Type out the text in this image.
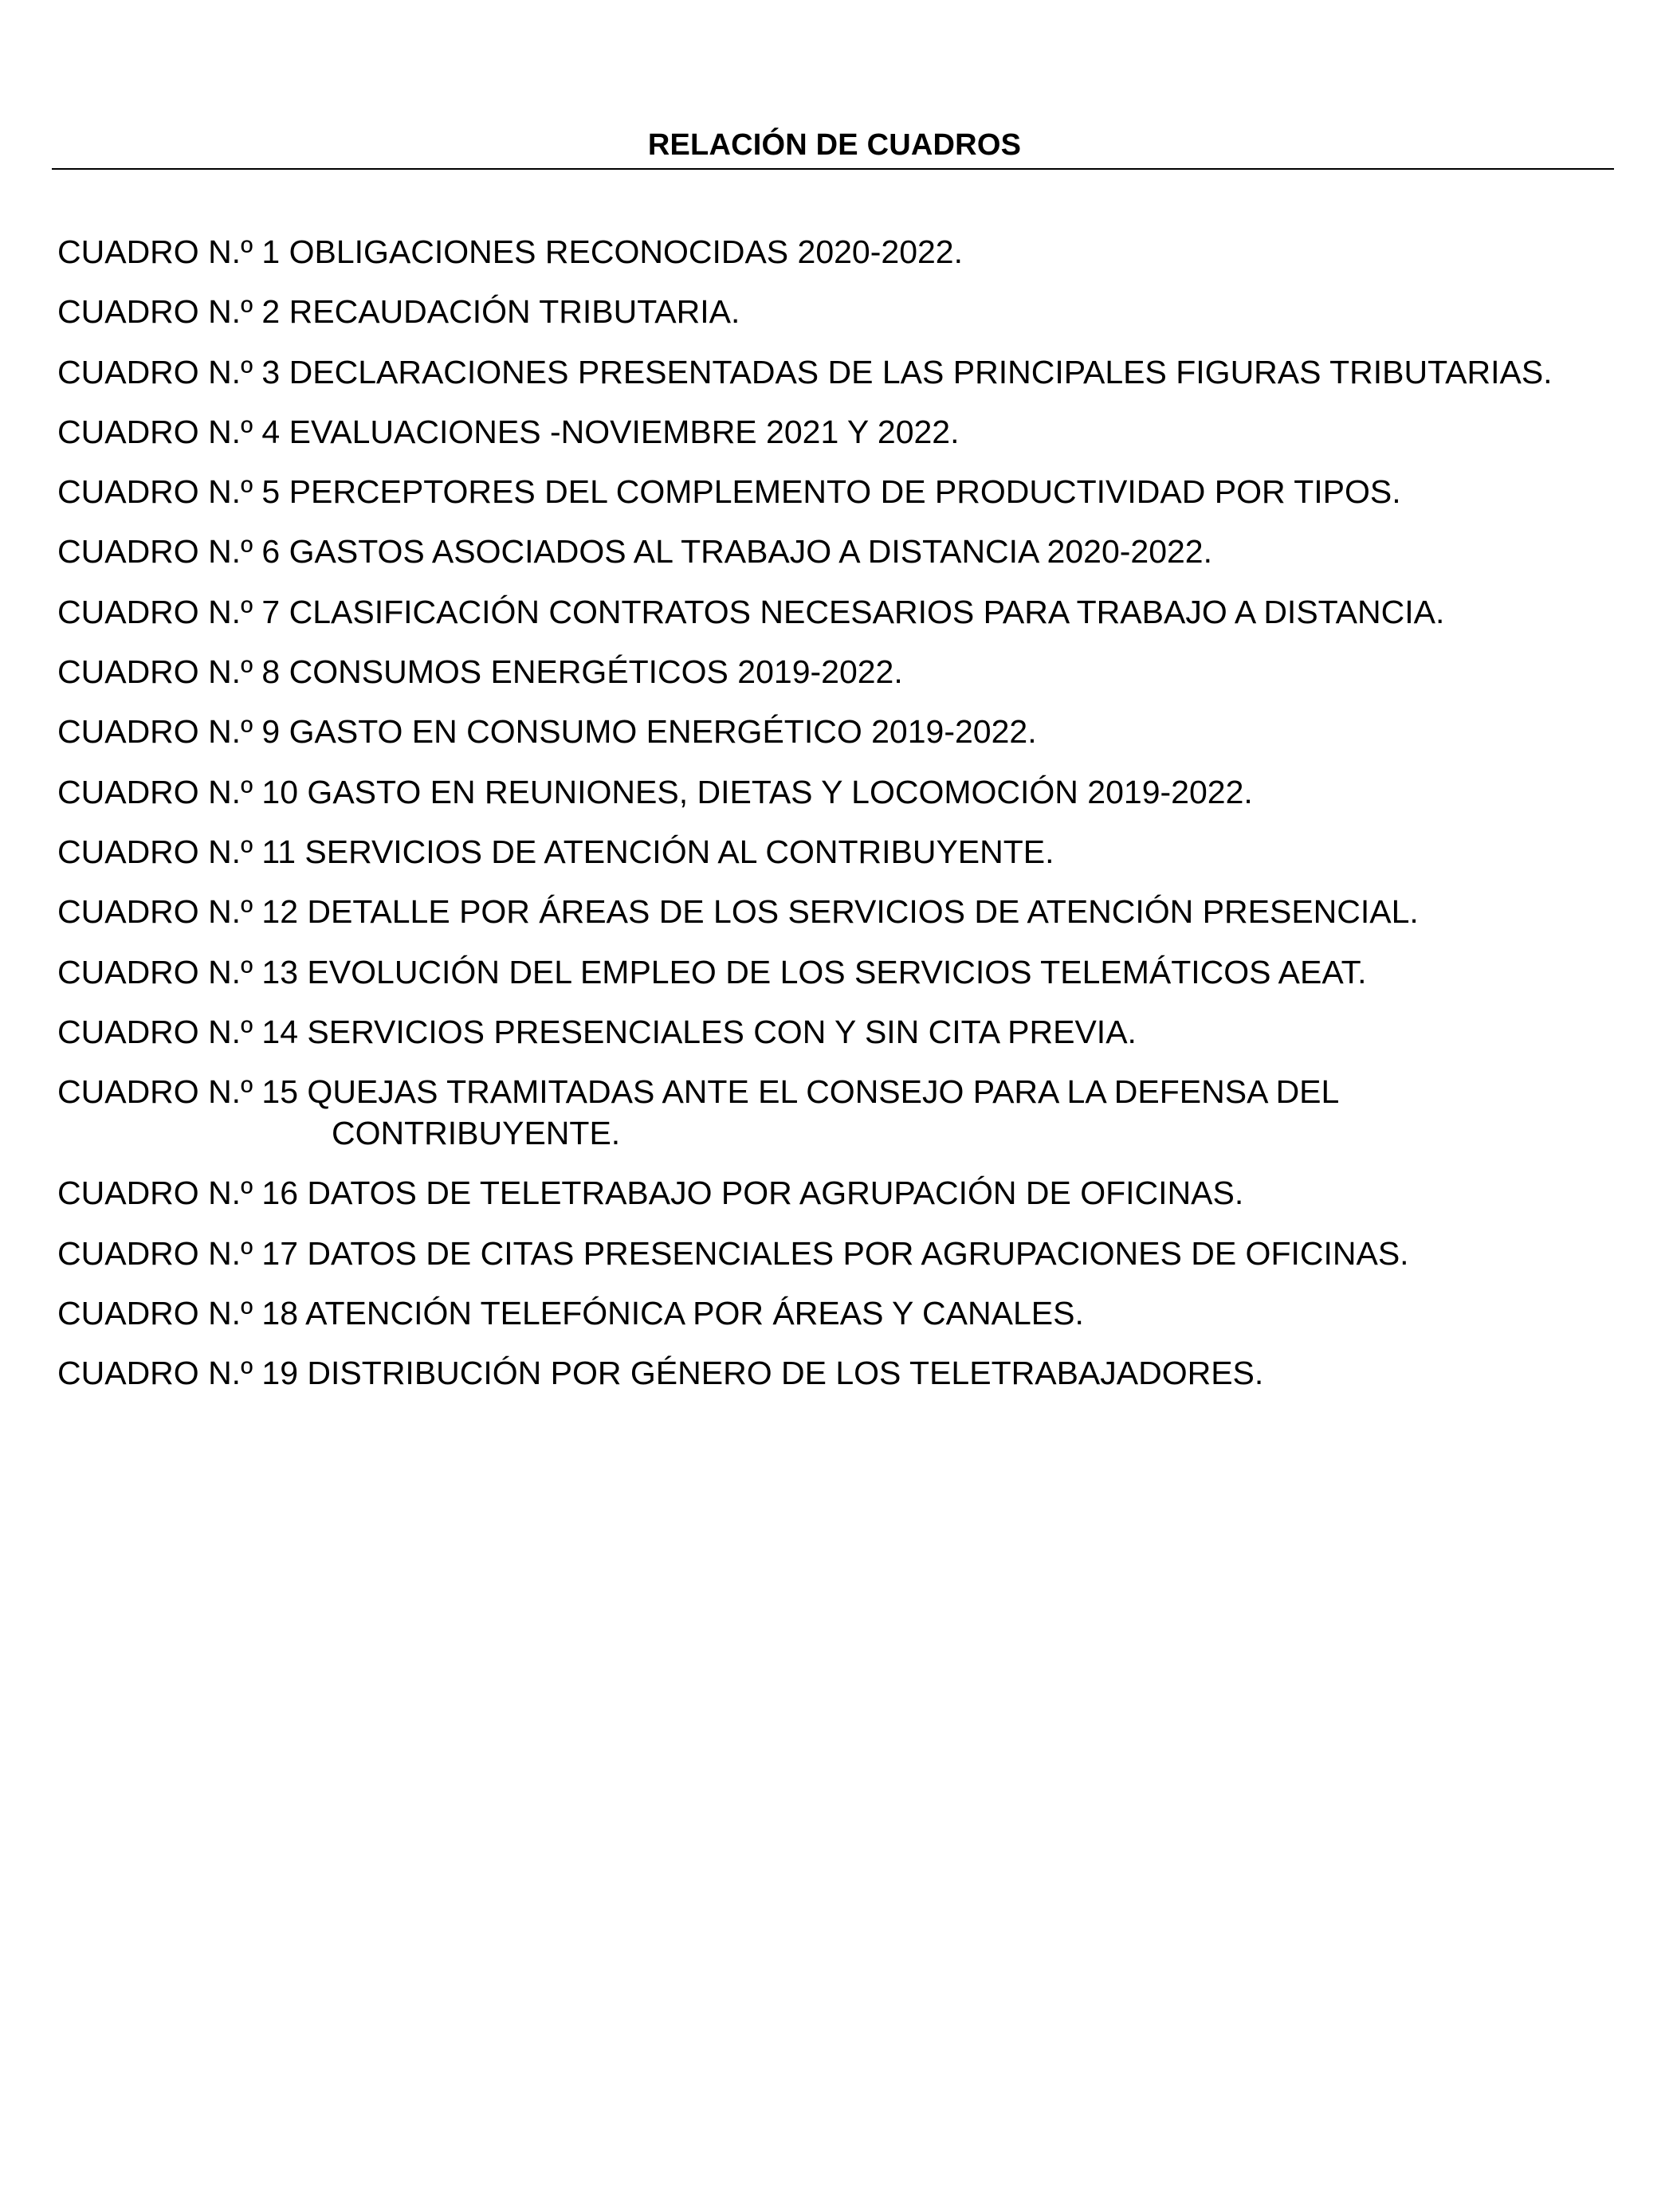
RELACIÓN DE CUADROS
CUADRO N.º 1 OBLIGACIONES RECONOCIDAS 2020-2022.
CUADRO N.º 2 RECAUDACIÓN TRIBUTARIA.
CUADRO N.º 3 DECLARACIONES PRESENTADAS DE LAS PRINCIPALES FIGURAS TRIBUTARIAS.
CUADRO N.º 4 EVALUACIONES -NOVIEMBRE 2021 Y 2022.
CUADRO N.º 5 PERCEPTORES DEL COMPLEMENTO DE PRODUCTIVIDAD POR TIPOS.
CUADRO N.º 6 GASTOS ASOCIADOS AL TRABAJO A DISTANCIA 2020-2022.
CUADRO N.º 7 CLASIFICACIÓN CONTRATOS NECESARIOS PARA TRABAJO A DISTANCIA.
CUADRO N.º 8 CONSUMOS ENERGÉTICOS 2019-2022.
CUADRO N.º 9 GASTO EN CONSUMO ENERGÉTICO 2019-2022.
CUADRO N.º 10 GASTO EN REUNIONES, DIETAS Y LOCOMOCIÓN 2019-2022.
CUADRO N.º 11 SERVICIOS DE ATENCIÓN AL CONTRIBUYENTE.
CUADRO N.º 12 DETALLE POR ÁREAS DE LOS SERVICIOS DE ATENCIÓN PRESENCIAL.
CUADRO N.º 13 EVOLUCIÓN DEL EMPLEO DE LOS SERVICIOS TELEMÁTICOS AEAT.
CUADRO N.º 14 SERVICIOS PRESENCIALES CON Y SIN CITA PREVIA.
CUADRO N.º 15 QUEJAS TRAMITADAS ANTE EL CONSEJO PARA LA DEFENSA DEL CONTRIBUYENTE.
CUADRO N.º 16 DATOS DE TELETRABAJO POR AGRUPACIÓN DE OFICINAS.
CUADRO N.º 17 DATOS DE CITAS PRESENCIALES POR AGRUPACIONES DE OFICINAS.
CUADRO N.º 18 ATENCIÓN TELEFÓNICA POR ÁREAS Y CANALES.
CUADRO N.º 19 DISTRIBUCIÓN POR GÉNERO DE LOS TELETRABAJADORES.
